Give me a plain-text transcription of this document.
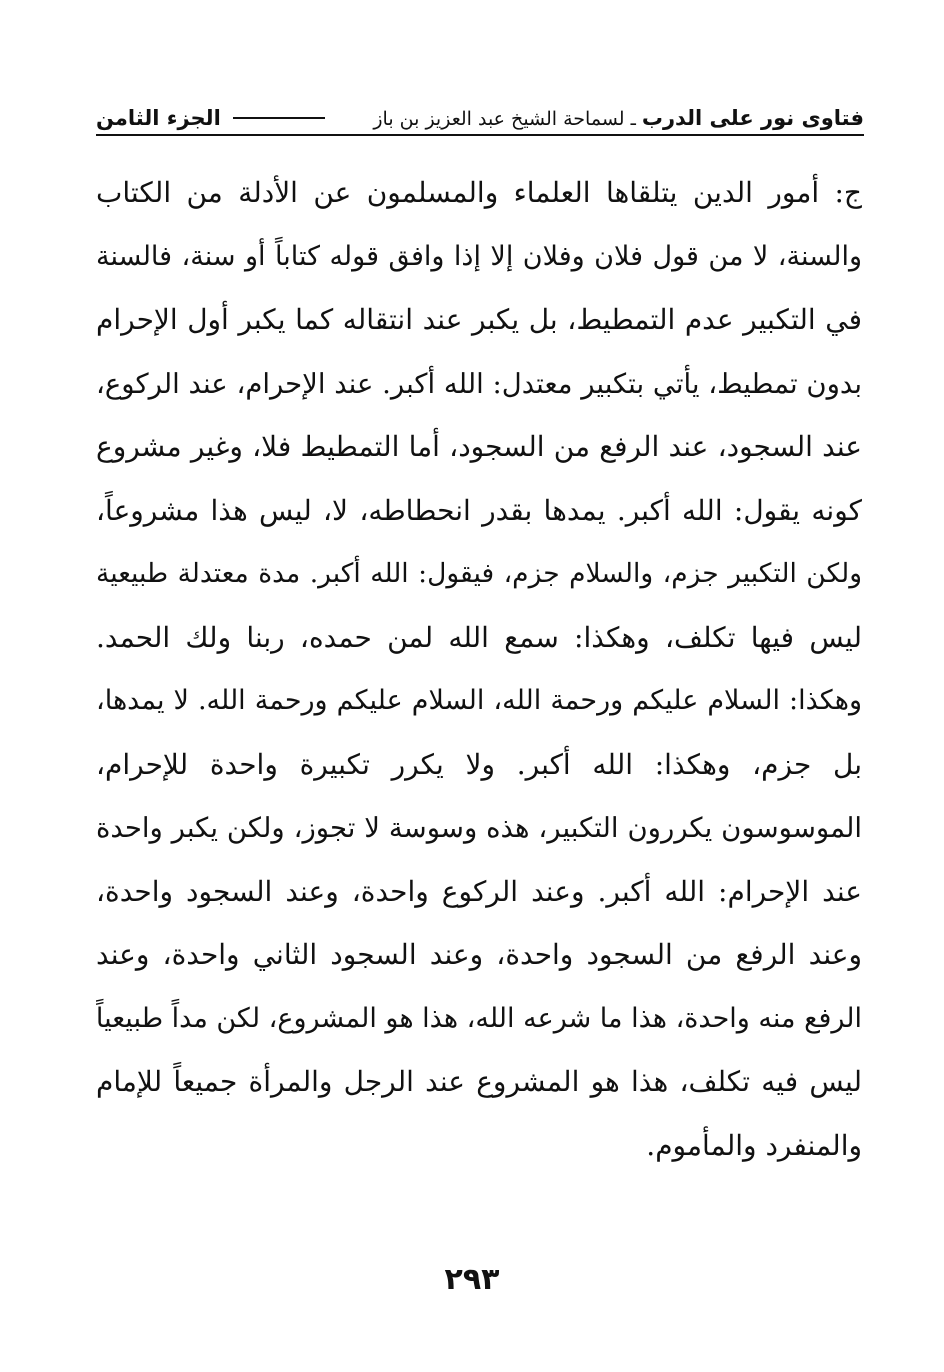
فتاوى نور على الدرب
ـ
لسماحة الشيخ عبد العزيز بن باز
الجزء الثامن
ج: أمور الدين يتلقاها العلماء والمسلمون عن الأدلة من الكتاب
والسنة، لا من قول فلان وفلان إلا إذا وافق قوله كتاباً أو سنة، فالسنة
في التكبير عدم التمطيط، بل يكبر عند انتقاله كما يكبر أول الإحرام
بدون تمطيط، يأتي بتكبير معتدل: الله أكبر. عند الإحرام، عند الركوع،
عند السجود، عند الرفع من السجود، أما التمطيط فلا، وغير مشروع
كونه يقول: الله أكبر. يمدها بقدر انحطاطه، لا، ليس هذا مشروعاً،
ولكن التكبير جزم، والسلام جزم، فيقول: الله أكبر. مدة معتدلة طبيعية
ليس فيها تكلف، وهكذا: سمع الله لمن حمده، ربنا ولك الحمد.
وهكذا: السلام عليكم ورحمة الله، السلام عليكم ورحمة الله. لا يمدها،
بل جزم، وهكذا: الله أكبر. ولا يكرر تكبيرة واحدة للإحرام،
الموسوسون يكررون التكبير، هذه وسوسة لا تجوز، ولكن يكبر واحدة
عند الإحرام: الله أكبر. وعند الركوع واحدة، وعند السجود واحدة،
وعند الرفع من السجود واحدة، وعند السجود الثاني واحدة، وعند
الرفع منه واحدة، هذا ما شرعه الله، هذا هو المشروع، لكن مداً طبيعياً
ليس فيه تكلف، هذا هو المشروع عند الرجل والمرأة جميعاً للإمام
والمنفرد والمأموم.
٢٩٣
